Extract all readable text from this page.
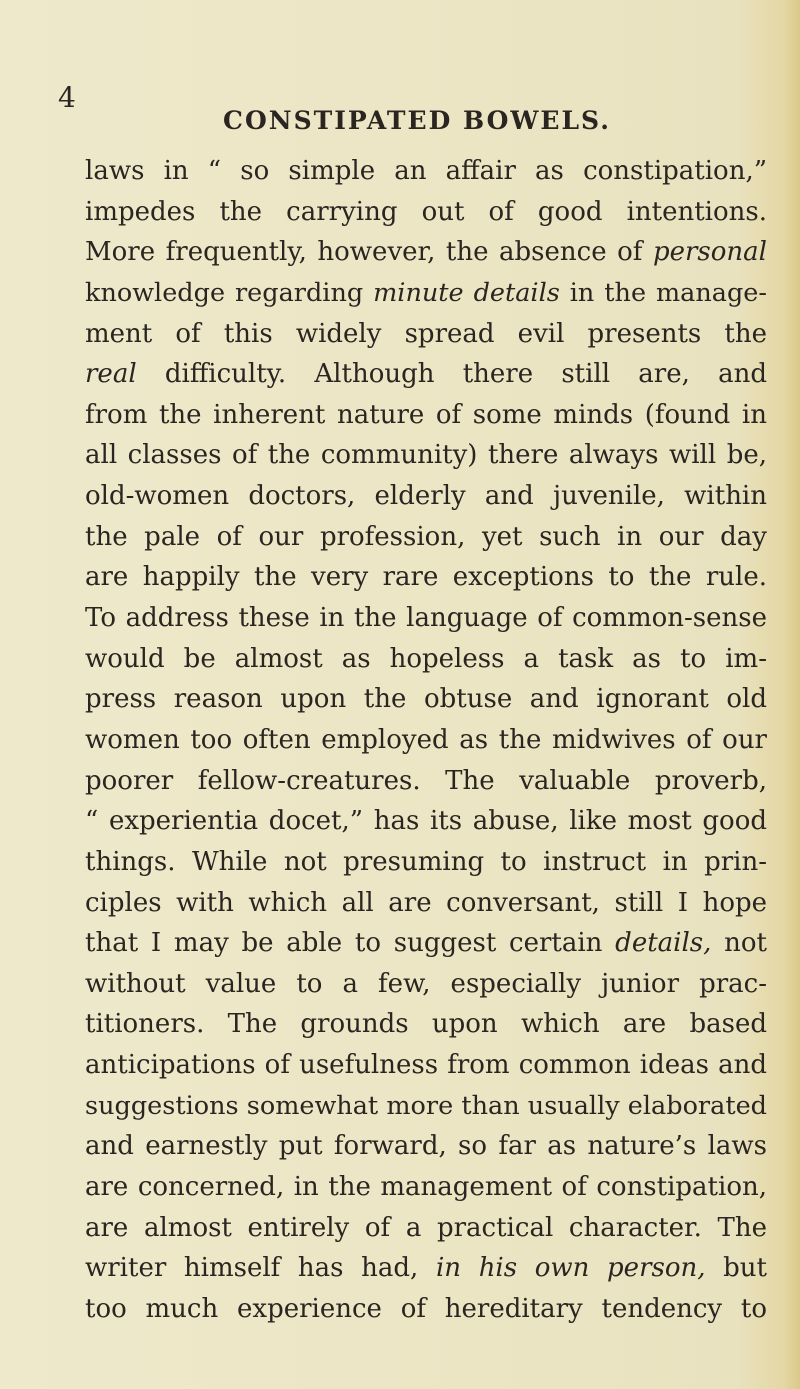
4
CONSTIPATED BOWELS.
laws in “ so simple an affair as constipation,”
impedes the carrying out of good intentions.
More frequently, however, the absence of personal
knowledge regarding minute details in the manage-
ment of this widely spread evil presents the
real difficulty. Although there still are, and
from the inherent nature of some minds (found in
all classes of the community) there always will be,
old-women doctors, elderly and juvenile, within
the pale of our profession, yet such in our day
are happily the very rare exceptions to the rule.
To address these in the language of common-sense
would be almost as hopeless a task as to im-
press reason upon the obtuse and ignorant old
women too often employed as the midwives of our
poorer fellow-creatures. The valuable proverb,
“ experientia docet,” has its abuse, like most good
things. While not presuming to instruct in prin-
ciples with which all are conversant, still I hope
that I may be able to suggest certain details, not
without value to a few, especially junior prac-
titioners. The grounds upon which are based
anticipations of usefulness from common ideas and
suggestions somewhat more than usually elaborated
and earnestly put forward, so far as nature’s laws
are concerned, in the management of constipation,
are almost entirely of a practical character. The
writer himself has had, in his own person, but
too much experience of hereditary tendency to
